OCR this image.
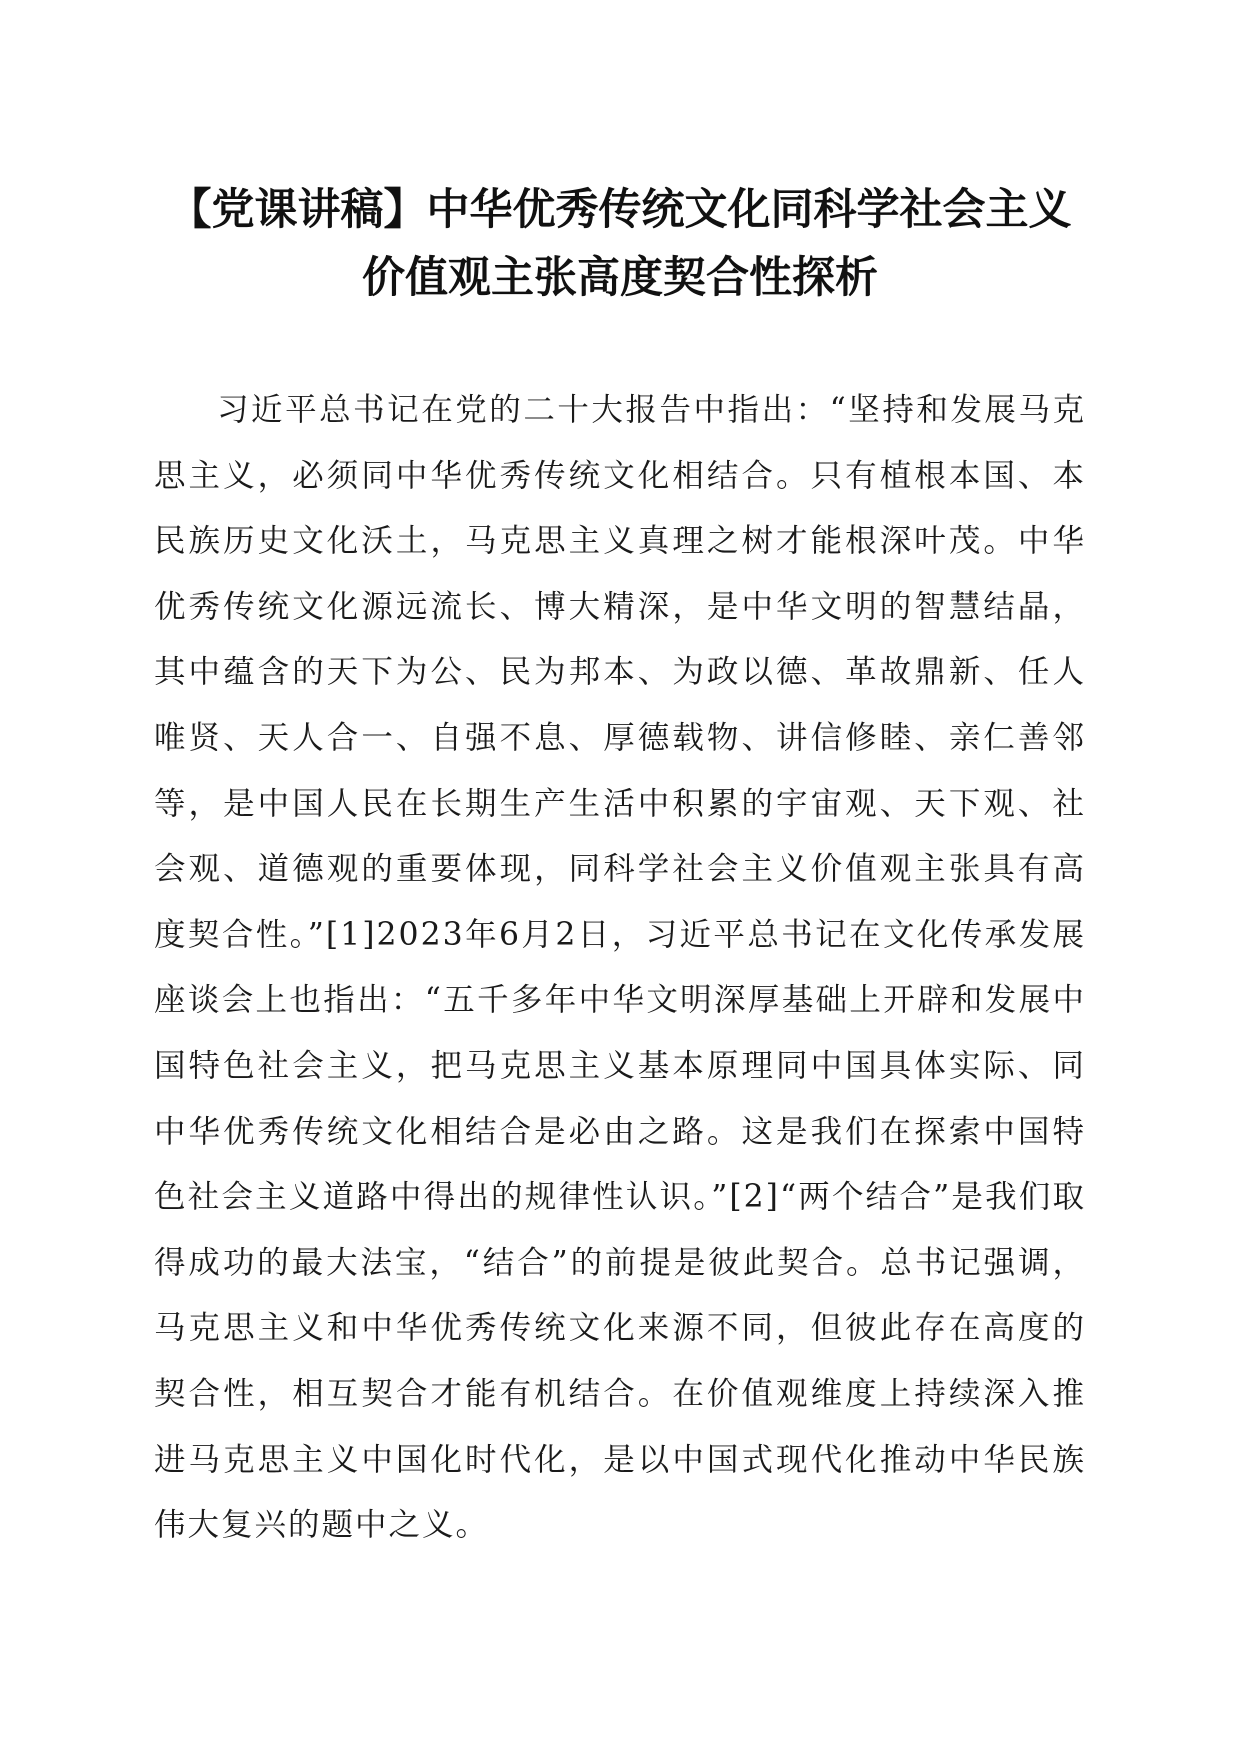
【党课讲稿】中华优秀传统文化同科学社会主义价值观主张高度契合性探析

习近平总书记在党的二十大报告中指出：“坚持和发展马克思主义，必须同中华优秀传统文化相结合。只有植根本国、本民族历史文化沃土，马克思主义真理之树才能根深叶茂。中华优秀传统文化源远流长、博大精深，是中华文明的智慧结晶，其中蕴含的天下为公、民为邦本、为政以德、革故鼎新、任人唯贤、天人合一、自强不息、厚德载物、讲信修睦、亲仁善邻等，是中国人民在长期生产生活中积累的宇宙观、天下观、社会观、道德观的重要体现，同科学社会主义价值观主张具有高度契合性。”[1]2023年6月2日，习近平总书记在文化传承发展座谈会上也指出：“五千多年中华文明深厚基础上开辟和发展中国特色社会主义，把马克思主义基本原理同中国具体实际、同中华优秀传统文化相结合是必由之路。这是我们在探索中国特色社会主义道路中得出的规律性认识。”[2]“两个结合”是我们取得成功的最大法宝，“结合”的前提是彼此契合。总书记强调，马克思主义和中华优秀传统文化来源不同，但彼此存在高度的契合性，相互契合才能有机结合。在价值观维度上持续深入推进马克思主义中国化时代化，是以中国式现代化推动中华民族伟大复兴的题中之义。
